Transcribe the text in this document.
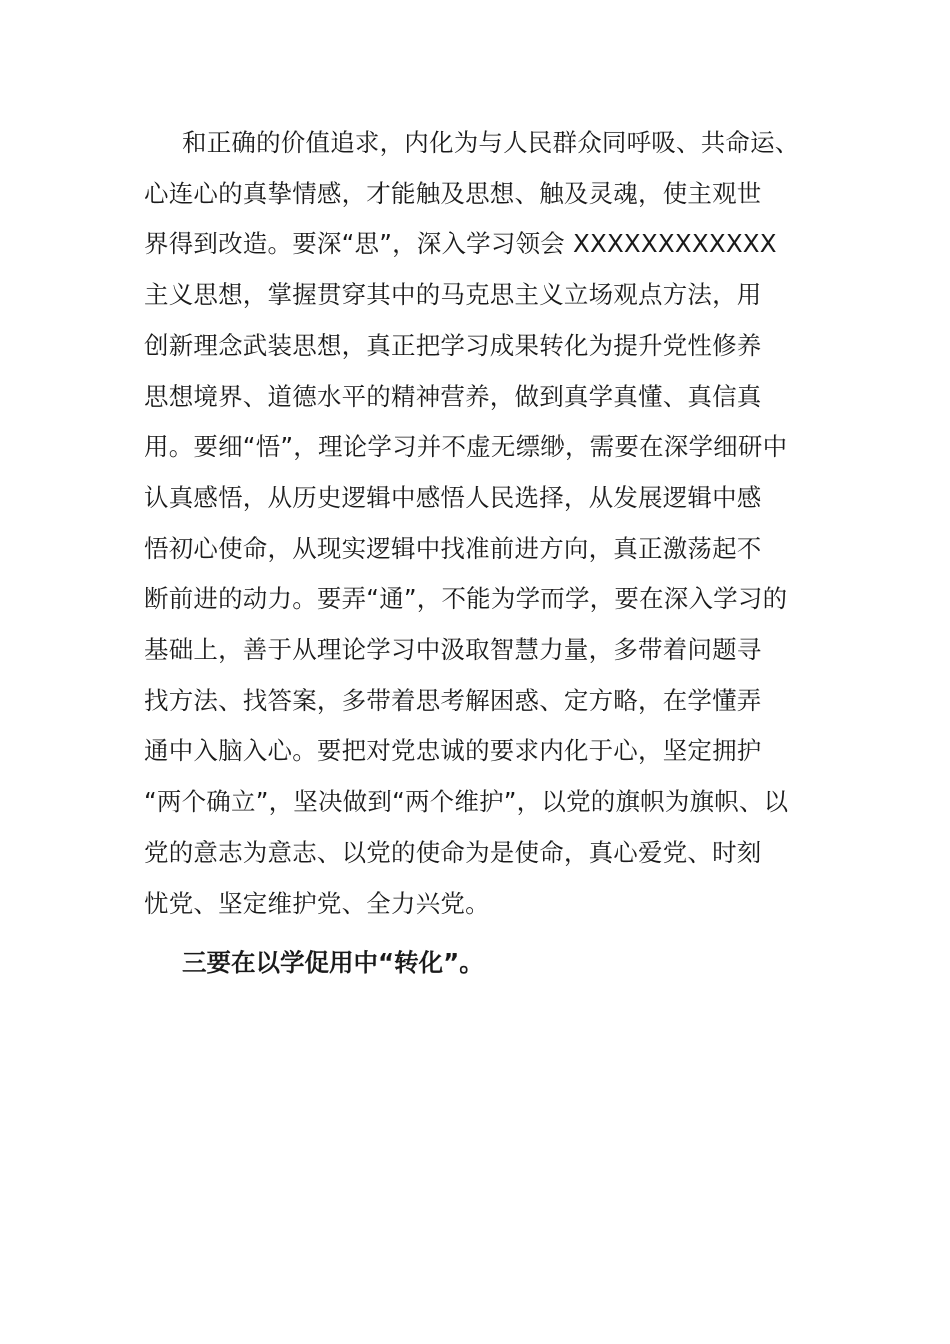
和正确的价值追求，内化为与人民群众同呼吸、共命运、
心连心的真挚情感，才能触及思想、触及灵魂，使主观世
界得到改造。要深“思”，深入学习领会 XXXXXXXXXXXX
主义思想，掌握贯穿其中的马克思主义立场观点方法，用
创新理念武装思想，真正把学习成果转化为提升党性修养
思想境界、道德水平的精神营养，做到真学真懂、真信真
用。要细“悟”，理论学习并不虚无缥缈，需要在深学细研中
认真感悟，从历史逻辑中感悟人民选择，从发展逻辑中感
悟初心使命，从现实逻辑中找准前进方向，真正激荡起不
断前进的动力。要弄“通”，不能为学而学，要在深入学习的
基础上，善于从理论学习中汲取智慧力量，多带着问题寻
找方法、找答案，多带着思考解困惑、定方略，在学懂弄
通中入脑入心。要把对党忠诚的要求内化于心，坚定拥护
“两个确立”，坚决做到“两个维护”，以党的旗帜为旗帜、以
党的意志为意志、以党的使命为是使命，真心爱党、时刻
忧党、坚定维护党、全力兴党。

三要在以学促用中“转化”。
